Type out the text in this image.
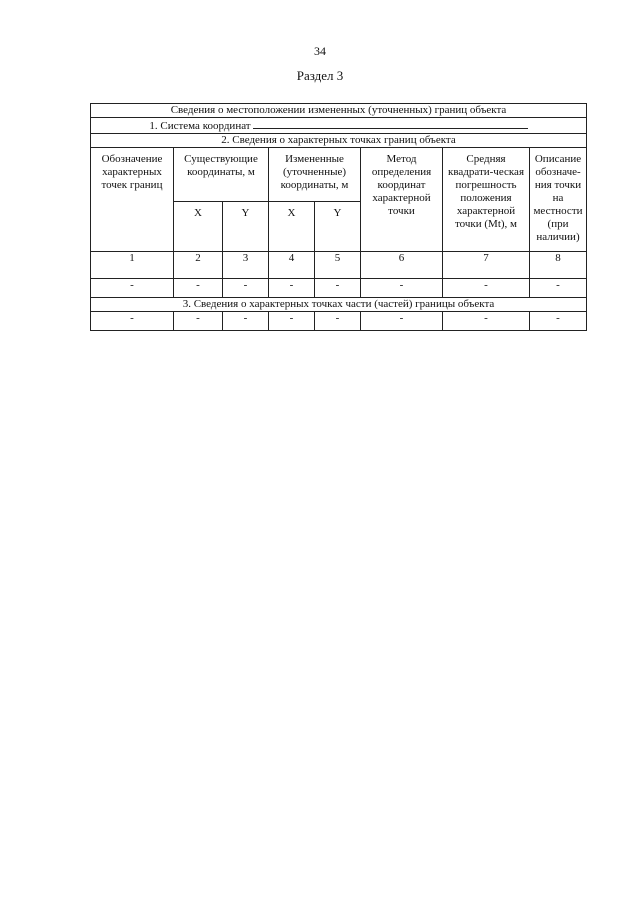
34
Раздел 3
Сведения о местоположении измененных (уточненных) границ объекта							
1. Система координат							
2. Сведения о характерных точках границ объекта							
Обозначение характерных точек границ	Существующие координаты, м		Измененные (уточненные) координаты, м		Метод определения координат характерной точки	Средняя квадрати-ческая погрешность положения характерной точки (Mt), м	Описание обозначе-ния точки на местности (при наличии)
	X	Y	X	Y			
1	2	3	4	5	6	7	8
-	-	-	-	-	-	-	-
3. Сведения о характерных точках части (частей) границы объекта							
-	-	-	-	-	-	-	-
